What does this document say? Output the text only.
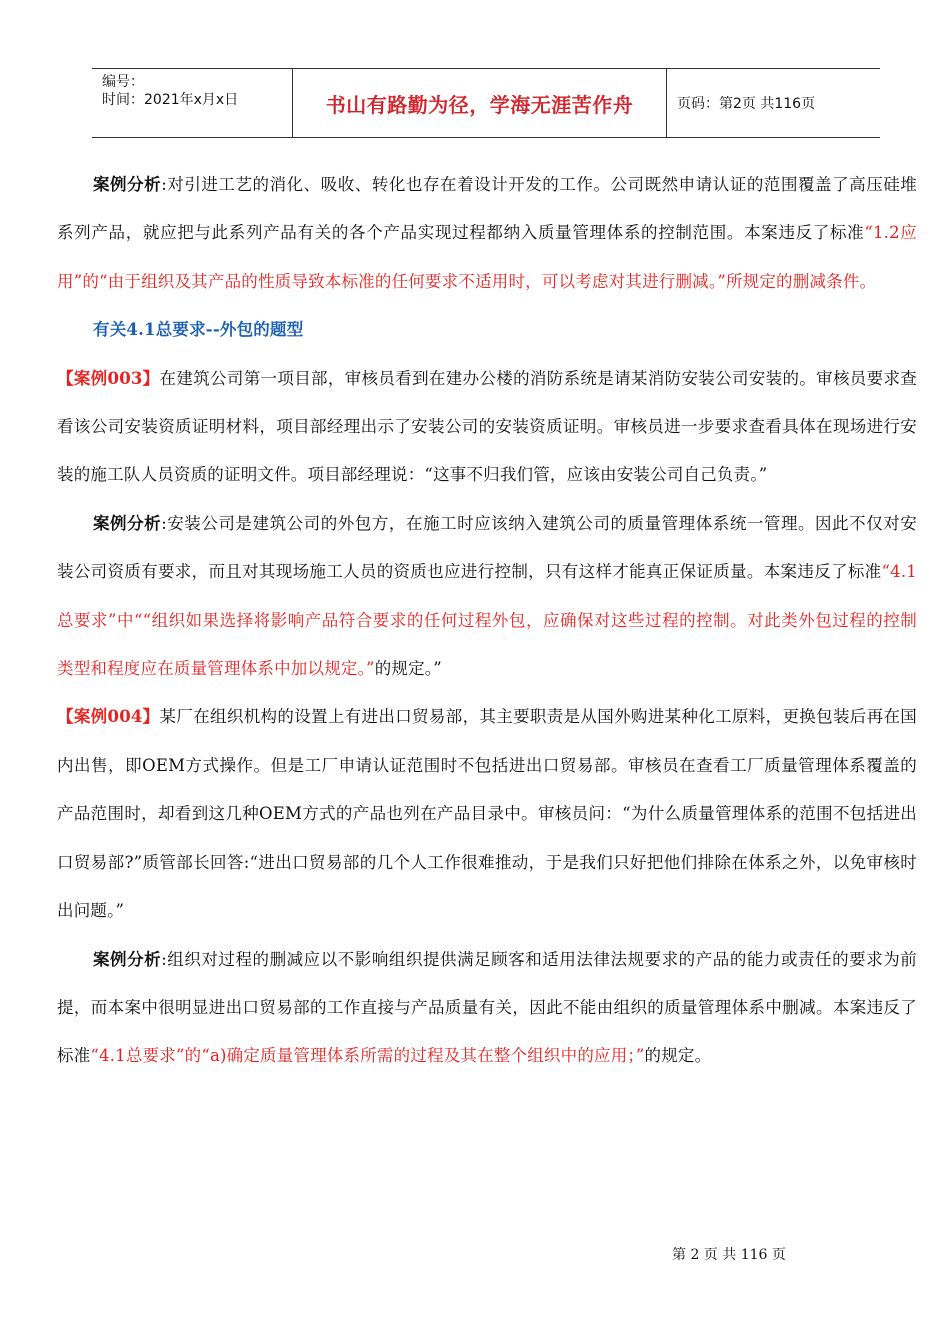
编号：
时间：2021年x月x日	书山有路勤为径，学海无涯苦作舟	页码：第2页 共116页

案例分析:对引进工艺的消化、吸收、转化也存在着设计开发的工作。公司既然申请认证的范围覆盖了高压硅堆系列产品，就应把与此系列产品有关的各个产品实现过程都纳入质量管理体系的控制范围。本案违反了标准“1.2应用”的“由于组织及其产品的性质导致本标准的任何要求不适用时，可以考虑对其进行删减。”所规定的删减条件。

有关4.1总要求--外包的题型

【案例003】在建筑公司第一项目部，审核员看到在建办公楼的消防系统是请某消防安装公司安装的。审核员要求查看该公司安装资质证明材料，项目部经理出示了安装公司的安装资质证明。审核员进一步要求查看具体在现场进行安装的施工队人员资质的证明文件。项目部经理说：“这事不归我们管，应该由安装公司自己负责。”

案例分析:安装公司是建筑公司的外包方，在施工时应该纳入建筑公司的质量管理体系统一管理。因此不仅对安装公司资质有要求，而且对其现场施工人员的资质也应进行控制，只有这样才能真正保证质量。本案违反了标准“4.1总要求”中““组织如果选择将影响产品符合要求的任何过程外包，应确保对这些过程的控制。对此类外包过程的控制类型和程度应在质量管理体系中加以规定。”的规定。”

【案例004】某厂在组织机构的设置上有进出口贸易部，其主要职责是从国外购进某种化工原料，更换包装后再在国内出售，即OEM方式操作。但是工厂申请认证范围时不包括进出口贸易部。审核员在查看工厂质量管理体系覆盖的产品范围时，却看到这几种OEM方式的产品也列在产品目录中。审核员问：“为什么质量管理体系的范围不包括进出口贸易部?”质管部长回答:“进出口贸易部的几个人工作很难推动，于是我们只好把他们排除在体系之外，以免审核时出问题。”

案例分析:组织对过程的删减应以不影响组织提供满足顾客和适用法律法规要求的产品的能力或责任的要求为前提，而本案中很明显进出口贸易部的工作直接与产品质量有关，因此不能由组织的质量管理体系中删减。本案违反了标准“4.1总要求”的“a)确定质量管理体系所需的过程及其在整个组织中的应用；”的规定。

第 2 页 共 116 页
